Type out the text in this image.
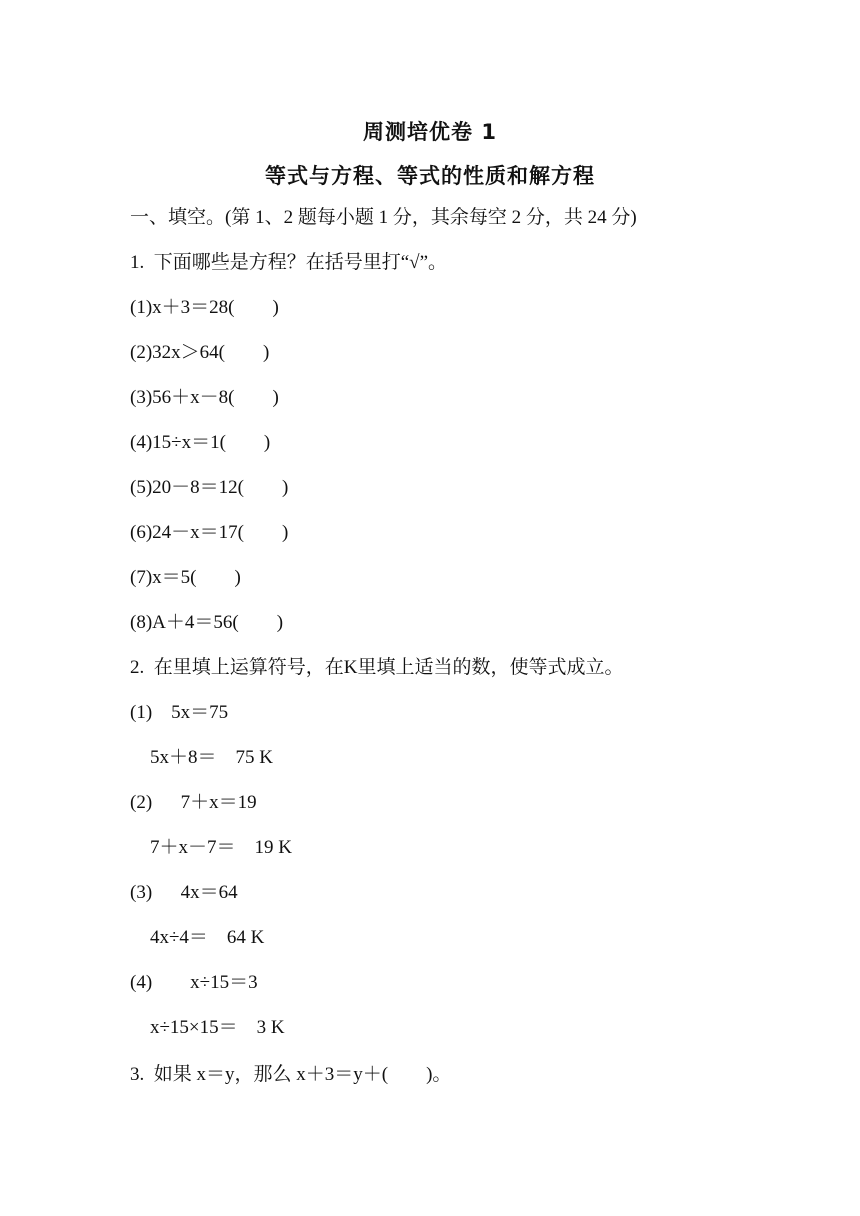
周测培优卷 1
等式与方程、等式的性质和解方程
一、填空。(第 1、2 题每小题 1 分，其余每空 2 分，共 24 分)
1.  下面哪些是方程？在括号里打“√”。
(1)x＋3＝28(        )
(2)32x＞64(        )
(3)56＋x－8(        )
(4)15÷x＝1(        )
(5)20－8＝12(        )
(6)24－x＝17(        )
(7)x＝5(        )
(8)A＋4＝56(        )
2.  在里填上运算符号，在K里填上适当的数，使等式成立。
(1)    5x＝75
5x＋8＝    75 K
(2)      7＋x＝19
7＋x－7＝    19 K
(3)      4x＝64
4x÷4＝    64 K
(4)        x÷15＝3
x÷15×15＝    3 K
3.  如果 x＝y，那么 x＋3＝y＋(        )。
